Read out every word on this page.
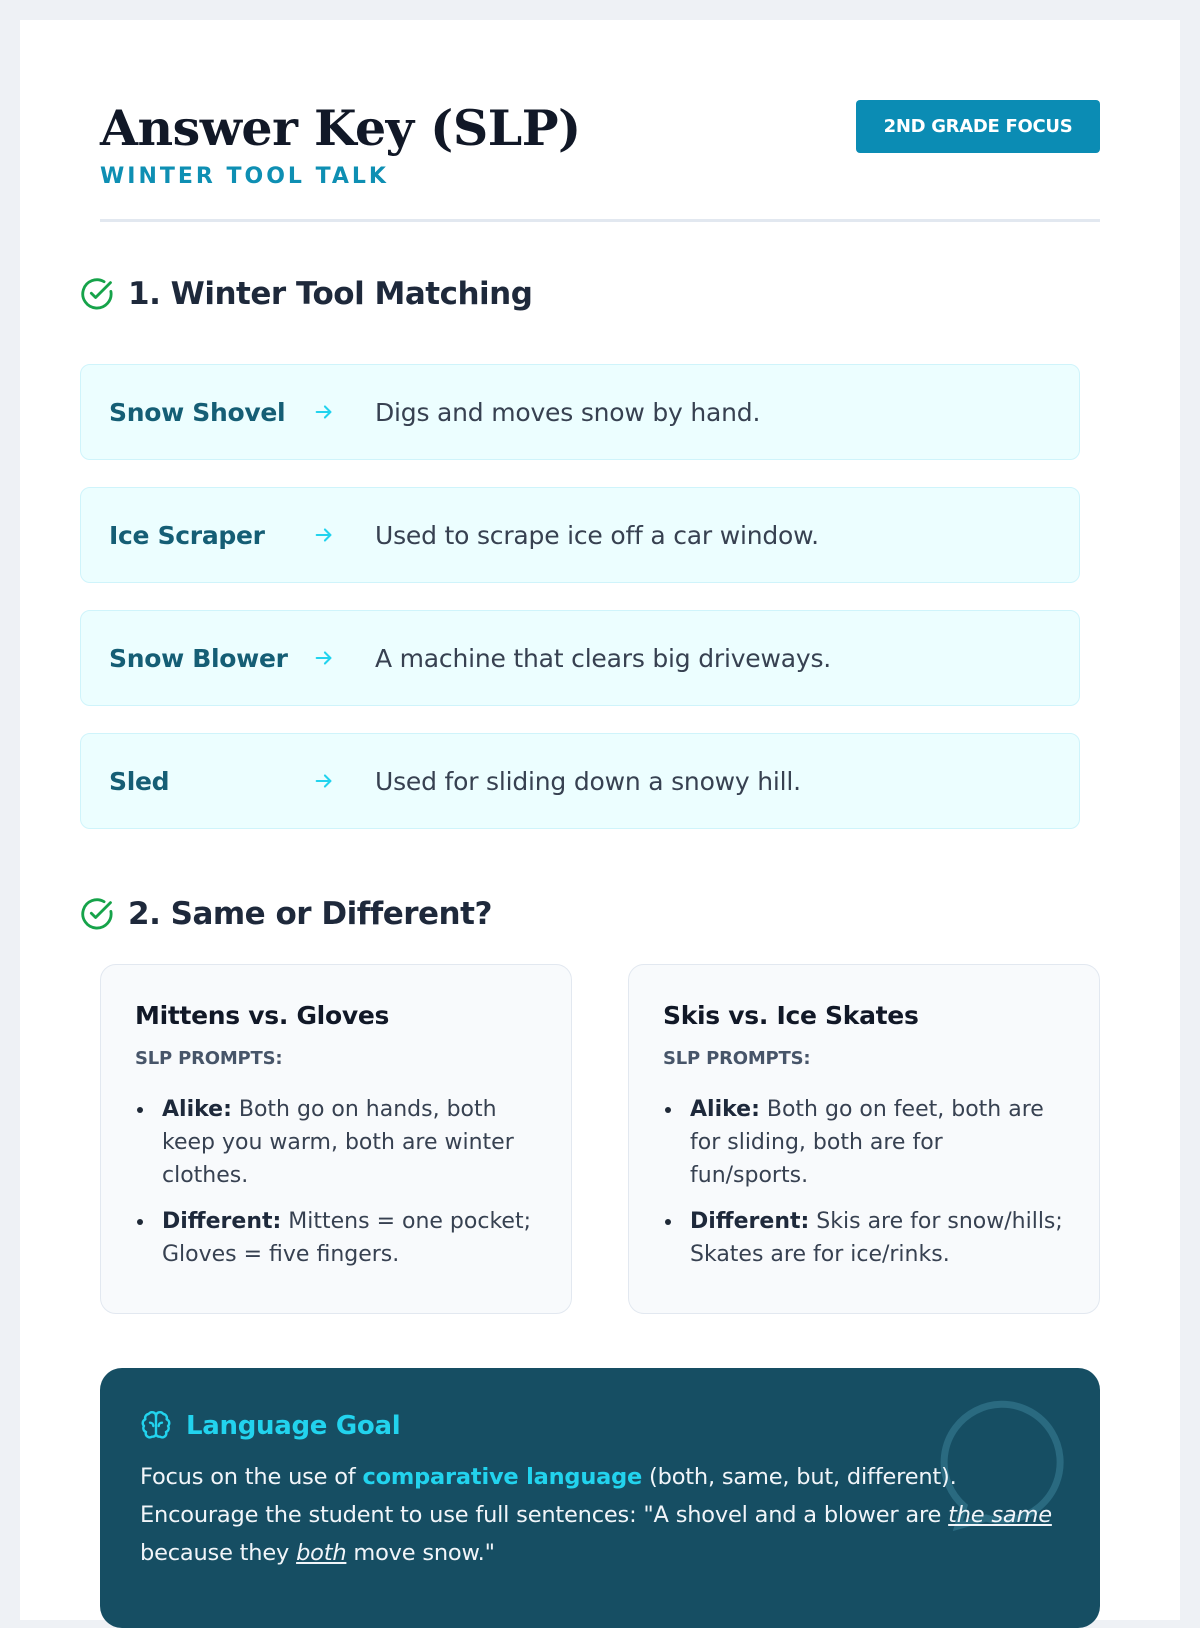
Answer Key (SLP)
WINTER TOOL TALK
2ND GRADE FOCUS
1. Winter Tool Matching
Snow Shovel	Digs and moves snow by hand.
Ice Scraper	Used to scrape ice off a car window.
Snow Blower	A machine that clears big driveways.
Sled	Used for sliding down a snowy hill.
2. Same or Different?
Mittens vs. Gloves
SLP PROMPTS:
Alike: Both go on hands, both keep you warm, both are winter clothes.
Different: Mittens = one pocket; Gloves = five fingers.
Skis vs. Ice Skates
SLP PROMPTS:
Alike: Both go on feet, both are for sliding, both are for fun/sports.
Different: Skis are for snow/hills; Skates are for ice/rinks.
Language Goal

Focus on the use of comparative language (both, same, but, different). Encourage the student to use full sentences: "A shovel and a blower are the same because they both move snow."
